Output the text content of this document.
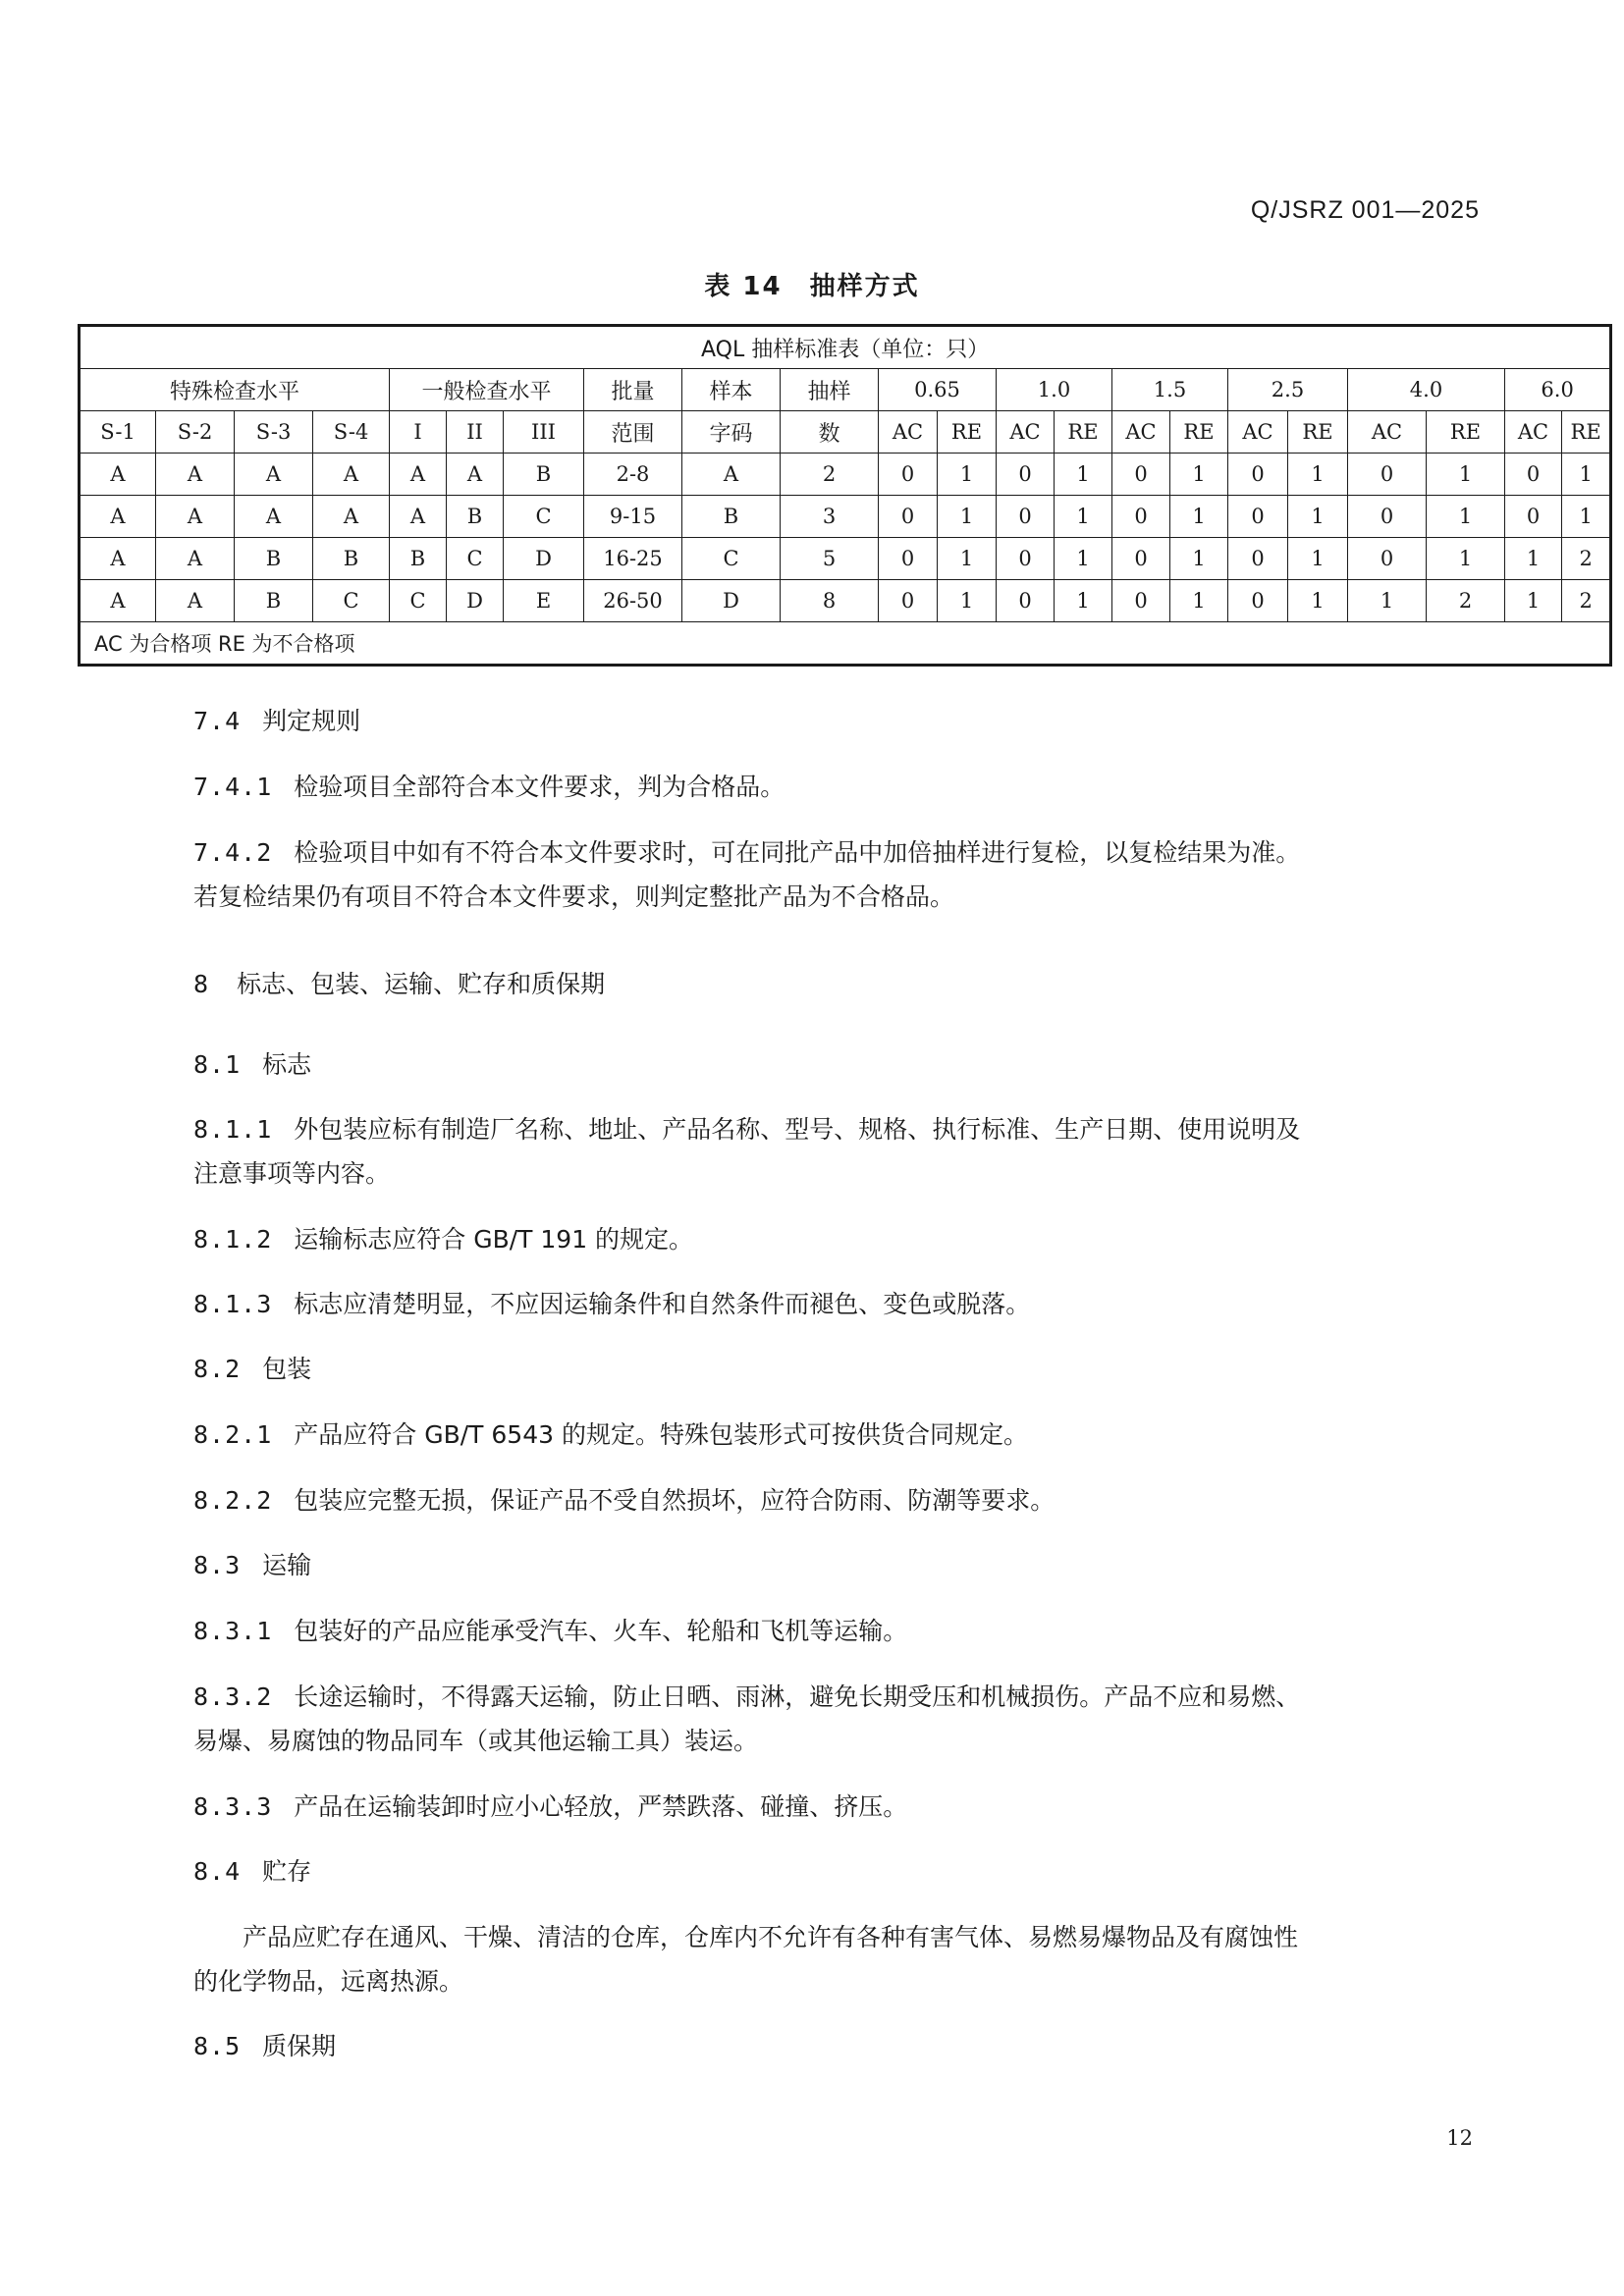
Q/JSRZ 001—2025
表 14　抽样方式
AQL 抽样标准表（单位：只）																					
特殊检查水平				一般检查水平			批量	样本	抽样	0.65		1.0		1.5		2.5		4.0		6.0	
S-1	S-2	S-3	S-4	I	II	III	范围	字码	数	AC	RE	AC	RE	AC	RE	AC	RE	AC	RE	AC	RE
A	A	A	A	A	A	B	2-8	A	2	0	1	0	1	0	1	0	1	0	1	0	1
A	A	A	A	A	B	C	9-15	B	3	0	1	0	1	0	1	0	1	0	1	0	1
A	A	B	B	B	C	D	16-25	C	5	0	1	0	1	0	1	0	1	0	1	1	2
A	A	B	C	C	D	E	26-50	D	8	0	1	0	1	0	1	0	1	1	2	1	2
AC 为合格项 RE 为不合格项																					

7.4 判定规则

7.4.1 检验项目全部符合本文件要求，判为合格品。

7.4.2 检验项目中如有不符合本文件要求时，可在同批产品中加倍抽样进行复检，以复检结果为准。

若复检结果仍有项目不符合本文件要求，则判定整批产品为不合格品。

8 标志、包装、运输、贮存和质保期

8.1 标志

8.1.1 外包装应标有制造厂名称、地址、产品名称、型号、规格、执行标准、生产日期、使用说明及

注意事项等内容。

8.1.2 运输标志应符合 GB/T 191 的规定。

8.1.3 标志应清楚明显，不应因运输条件和自然条件而褪色、变色或脱落。

8.2 包装

8.2.1 产品应符合 GB/T 6543 的规定。特殊包装形式可按供货合同规定。

8.2.2 包装应完整无损，保证产品不受自然损坏，应符合防雨、防潮等要求。

8.3 运输

8.3.1 包装好的产品应能承受汽车、火车、轮船和飞机等运输。

8.3.2 长途运输时，不得露天运输，防止日晒、雨淋，避免长期受压和机械损伤。产品不应和易燃、

易爆、易腐蚀的物品同车（或其他运输工具）装运。

8.3.3 产品在运输装卸时应小心轻放，严禁跌落、碰撞、挤压。

8.4 贮存

产品应贮存在通风、干燥、清洁的仓库，仓库内不允许有各种有害气体、易燃易爆物品及有腐蚀性

的化学物品，远离热源。

8.5 质保期

12
